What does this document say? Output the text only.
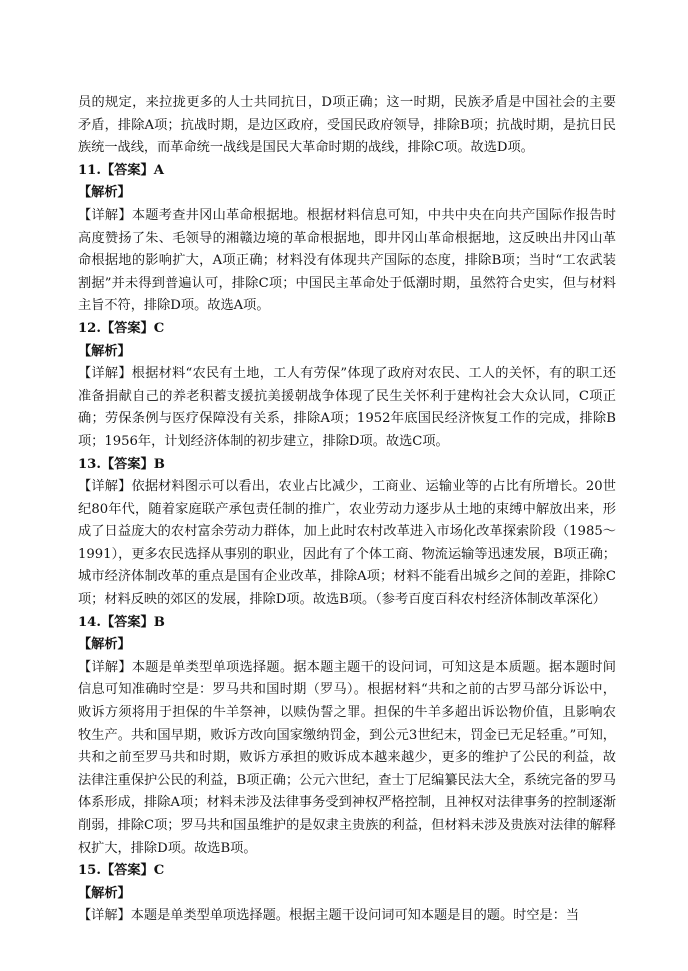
员的规定，来拉拢更多的人士共同抗日，D项正确；这一时期，民族矛盾是中国社会的主要矛盾，排除A项；抗战时期，是边区政府，受国民政府领导，排除B项；抗战时期，是抗日民族统一战线，而革命统一战线是国民大革命时期的战线，排除C项。故选D项。

11.【答案】A

【解析】

【详解】本题考查井冈山革命根据地。根据材料信息可知，中共中央在向共产国际作报告时高度赞扬了朱、毛领导的湘赣边境的革命根据地，即井冈山革命根据地，这反映出井冈山革命根据地的影响扩大，A项正确；材料没有体现共产国际的态度，排除B项；当时“工农武装割据”并未得到普遍认可，排除C项；中国民主革命处于低潮时期，虽然符合史实，但与材料主旨不符，排除D项。故选A项。

12.【答案】C

【解析】

【详解】根据材料“农民有土地，工人有劳保”体现了政府对农民、工人的关怀，有的职工还准备捐献自己的养老积蓄支援抗美援朝战争体现了民生关怀利于建构社会大众认同，C项正确；劳保条例与医疗保障没有关系，排除A项；1952年底国民经济恢复工作的完成，排除B项；1956年，计划经济体制的初步建立，排除D项。故选C项。

13.【答案】B

【详解】依据材料图示可以看出，农业占比减少，工商业、运输业等的占比有所增长。20世纪80年代，随着家庭联产承包责任制的推广，农业劳动力逐步从土地的束缚中解放出来，形成了日益庞大的农村富余劳动力群体，加上此时农村改革进入市场化改革探索阶段（1985～1991），更多农民选择从事别的职业，因此有了个体工商、物流运输等迅速发展，B项正确；城市经济体制改革的重点是国有企业改革，排除A项；材料不能看出城乡之间的差距，排除C项；材料反映的郊区的发展，排除D项。故选B项。（参考百度百科农村经济体制改革深化）

14.【答案】B

【解析】

【详解】本题是单类型单项选择题。据本题主题干的设问词，可知这是本质题。据本题时间信息可知准确时空是：罗马共和国时期（罗马）。根据材料“共和之前的古罗马部分诉讼中，败诉方须将用于担保的牛羊祭神，以赎伪誓之罪。担保的牛羊多超出诉讼物价值，且影响农牧生产。共和国早期，败诉方改向国家缴纳罚金，到公元3世纪末，罚金已无足轻重。”可知，共和之前至罗马共和时期，败诉方承担的败诉成本越来越少，更多的维护了公民的利益，故法律注重保护公民的利益，B项正确；公元六世纪，查士丁尼编纂民法大全，系统完备的罗马体系形成，排除A项；材料未涉及法律事务受到神权严格控制，且神权对法律事务的控制逐渐削弱，排除C项；罗马共和国虽维护的是奴隶主贵族的利益，但材料未涉及贵族对法律的解释权扩大，排除D项。故选B项。

15.【答案】C

【解析】

【详解】本题是单类型单项选择题。根据主题干设问词可知本题是目的题。时空是：当
